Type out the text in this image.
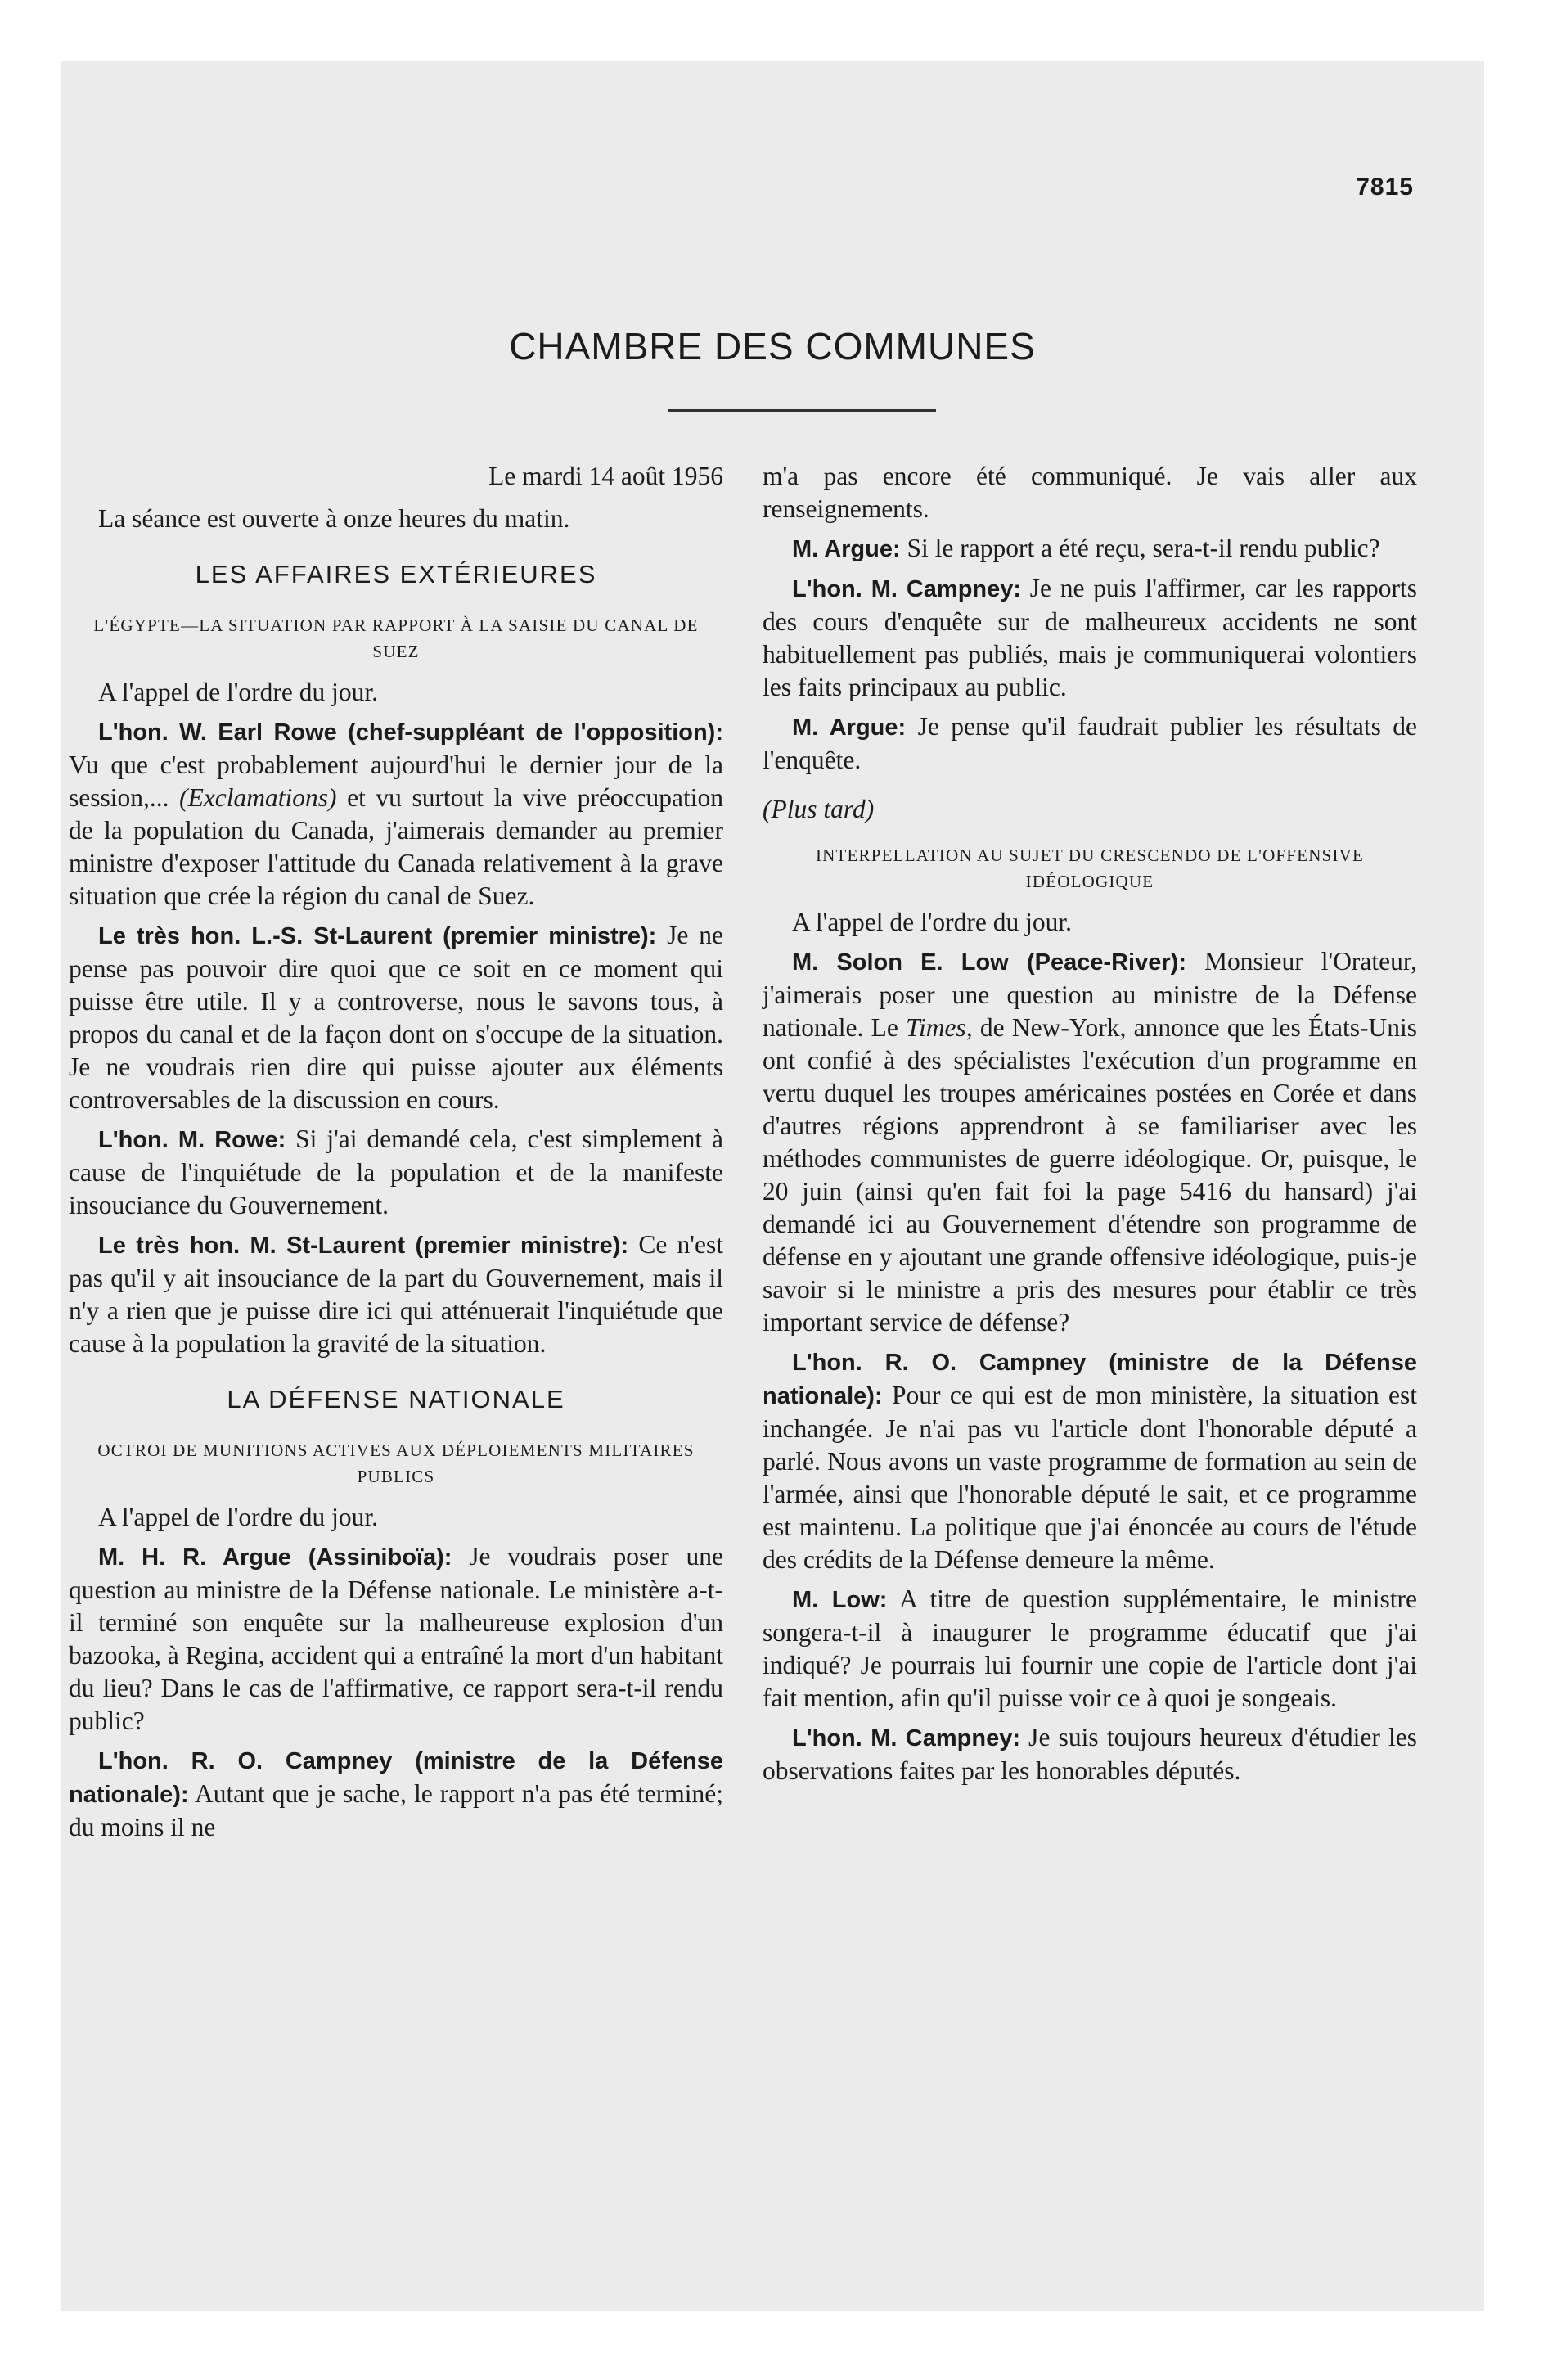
7815
CHAMBRE DES COMMUNES

Le mardi 14 août 1956

La séance est ouverte à onze heures du matin.

LES AFFAIRES EXTÉRIEURES
L'ÉGYPTE—LA SITUATION PAR RAPPORT À LA SAISIE DU CANAL DE SUEZ

A l'appel de l'ordre du jour.

L'hon. W. Earl Rowe (chef-suppléant de l'opposition): Vu que c'est probablement aujourd'hui le dernier jour de la session,... (Exclamations) et vu surtout la vive préoccupation de la population du Canada, j'aimerais demander au premier ministre d'exposer l'attitude du Canada relativement à la grave situation que crée la région du canal de Suez.

Le très hon. L.-S. St-Laurent (premier ministre): Je ne pense pas pouvoir dire quoi que ce soit en ce moment qui puisse être utile. Il y a controverse, nous le savons tous, à propos du canal et de la façon dont on s'occupe de la situation. Je ne voudrais rien dire qui puisse ajouter aux éléments controversables de la discussion en cours.

L'hon. M. Rowe: Si j'ai demandé cela, c'est simplement à cause de l'inquiétude de la population et de la manifeste insouciance du Gouvernement.

Le très hon. M. St-Laurent (premier ministre): Ce n'est pas qu'il y ait insouciance de la part du Gouvernement, mais il n'y a rien que je puisse dire ici qui atténuerait l'inquiétude que cause à la population la gravité de la situation.

LA DÉFENSE NATIONALE
OCTROI DE MUNITIONS ACTIVES AUX DÉPLOIEMENTS MILITAIRES PUBLICS

A l'appel de l'ordre du jour.

M. H. R. Argue (Assiniboïa): Je voudrais poser une question au ministre de la Défense nationale. Le ministère a-t-il terminé son enquête sur la malheureuse explosion d'un bazooka, à Regina, accident qui a entraîné la mort d'un habitant du lieu? Dans le cas de l'affirmative, ce rapport sera-t-il rendu public?

L'hon. R. O. Campney (ministre de la Défense nationale): Autant que je sache, le rapport n'a pas été terminé; du moins il ne

m'a pas encore été communiqué. Je vais aller aux renseignements.

M. Argue: Si le rapport a été reçu, sera-t-il rendu public?

L'hon. M. Campney: Je ne puis l'affirmer, car les rapports des cours d'enquête sur de malheureux accidents ne sont habituellement pas publiés, mais je communiquerai volontiers les faits principaux au public.

M. Argue: Je pense qu'il faudrait publier les résultats de l'enquête.

(Plus tard)

INTERPELLATION AU SUJET DU CRESCENDO DE L'OFFENSIVE IDÉOLOGIQUE

A l'appel de l'ordre du jour.

M. Solon E. Low (Peace-River): Monsieur l'Orateur, j'aimerais poser une question au ministre de la Défense nationale. Le Times, de New-York, annonce que les États-Unis ont confié à des spécialistes l'exécution d'un programme en vertu duquel les troupes américaines postées en Corée et dans d'autres régions apprendront à se familiariser avec les méthodes communistes de guerre idéologique. Or, puisque, le 20 juin (ainsi qu'en fait foi la page 5416 du hansard) j'ai demandé ici au Gouvernement d'étendre son programme de défense en y ajoutant une grande offensive idéologique, puis-je savoir si le ministre a pris des mesures pour établir ce très important service de défense?

L'hon. R. O. Campney (ministre de la Défense nationale): Pour ce qui est de mon ministère, la situation est inchangée. Je n'ai pas vu l'article dont l'honorable député a parlé. Nous avons un vaste programme de formation au sein de l'armée, ainsi que l'honorable député le sait, et ce programme est maintenu. La politique que j'ai énoncée au cours de l'étude des crédits de la Défense demeure la même.

M. Low: A titre de question supplémentaire, le ministre songera-t-il à inaugurer le programme éducatif que j'ai indiqué? Je pourrais lui fournir une copie de l'article dont j'ai fait mention, afin qu'il puisse voir ce à quoi je songeais.

L'hon. M. Campney: Je suis toujours heureux d'étudier les observations faites par les honorables députés.
